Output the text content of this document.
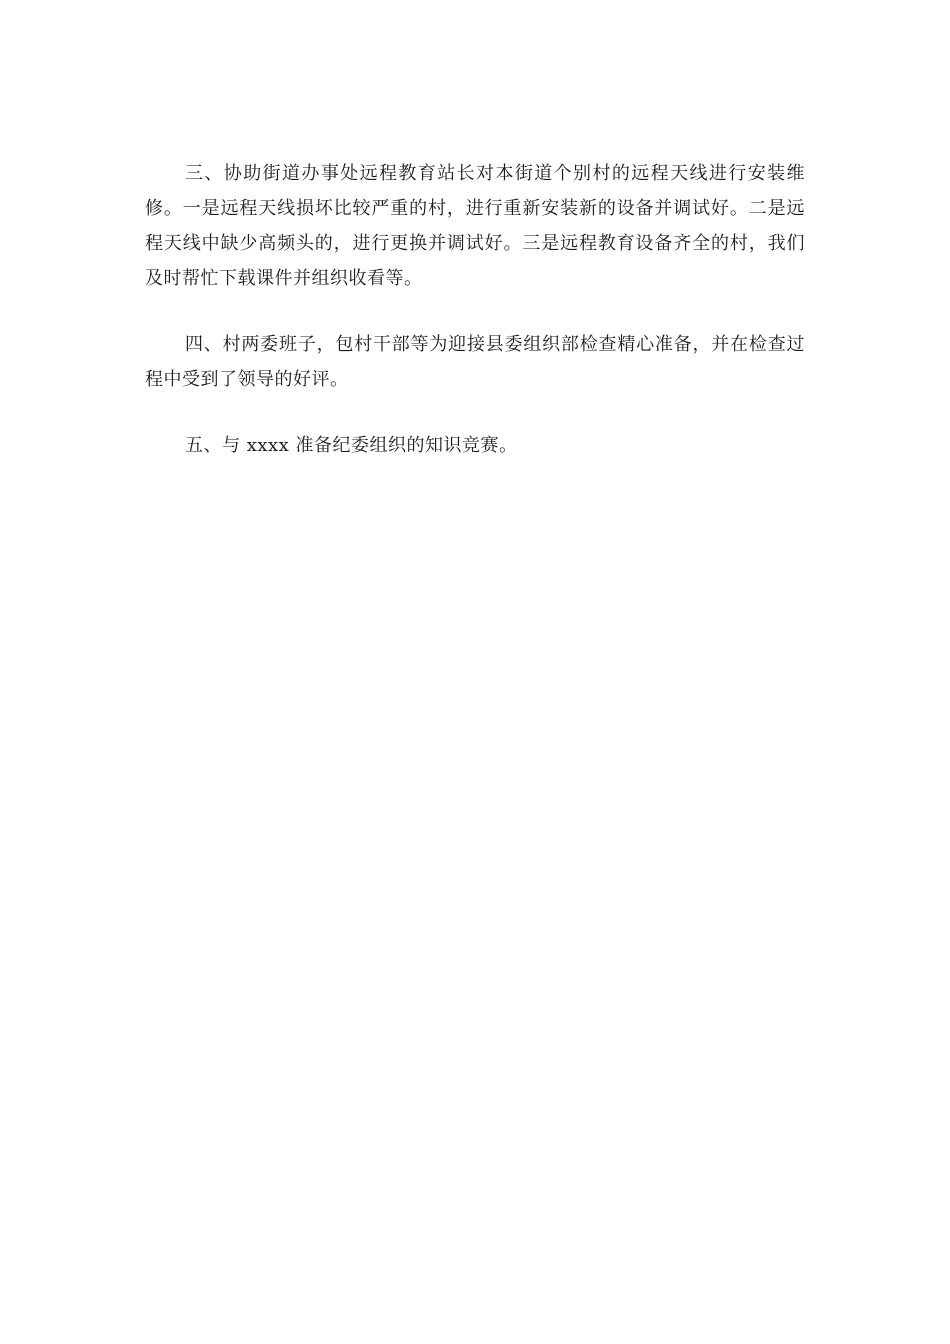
三、协助街道办事处远程教育站长对本街道个别村的远程天线进行安装维修。一是远程天线损坏比较严重的村，进行重新安装新的设备并调试好。二是远程天线中缺少高频头的，进行更换并调试好。三是远程教育设备齐全的村，我们及时帮忙下载课件并组织收看等。

四、村两委班子，包村干部等为迎接县委组织部检查精心准备，并在检查过程中受到了领导的好评。

五、与 xxxx 准备纪委组织的知识竞赛。
